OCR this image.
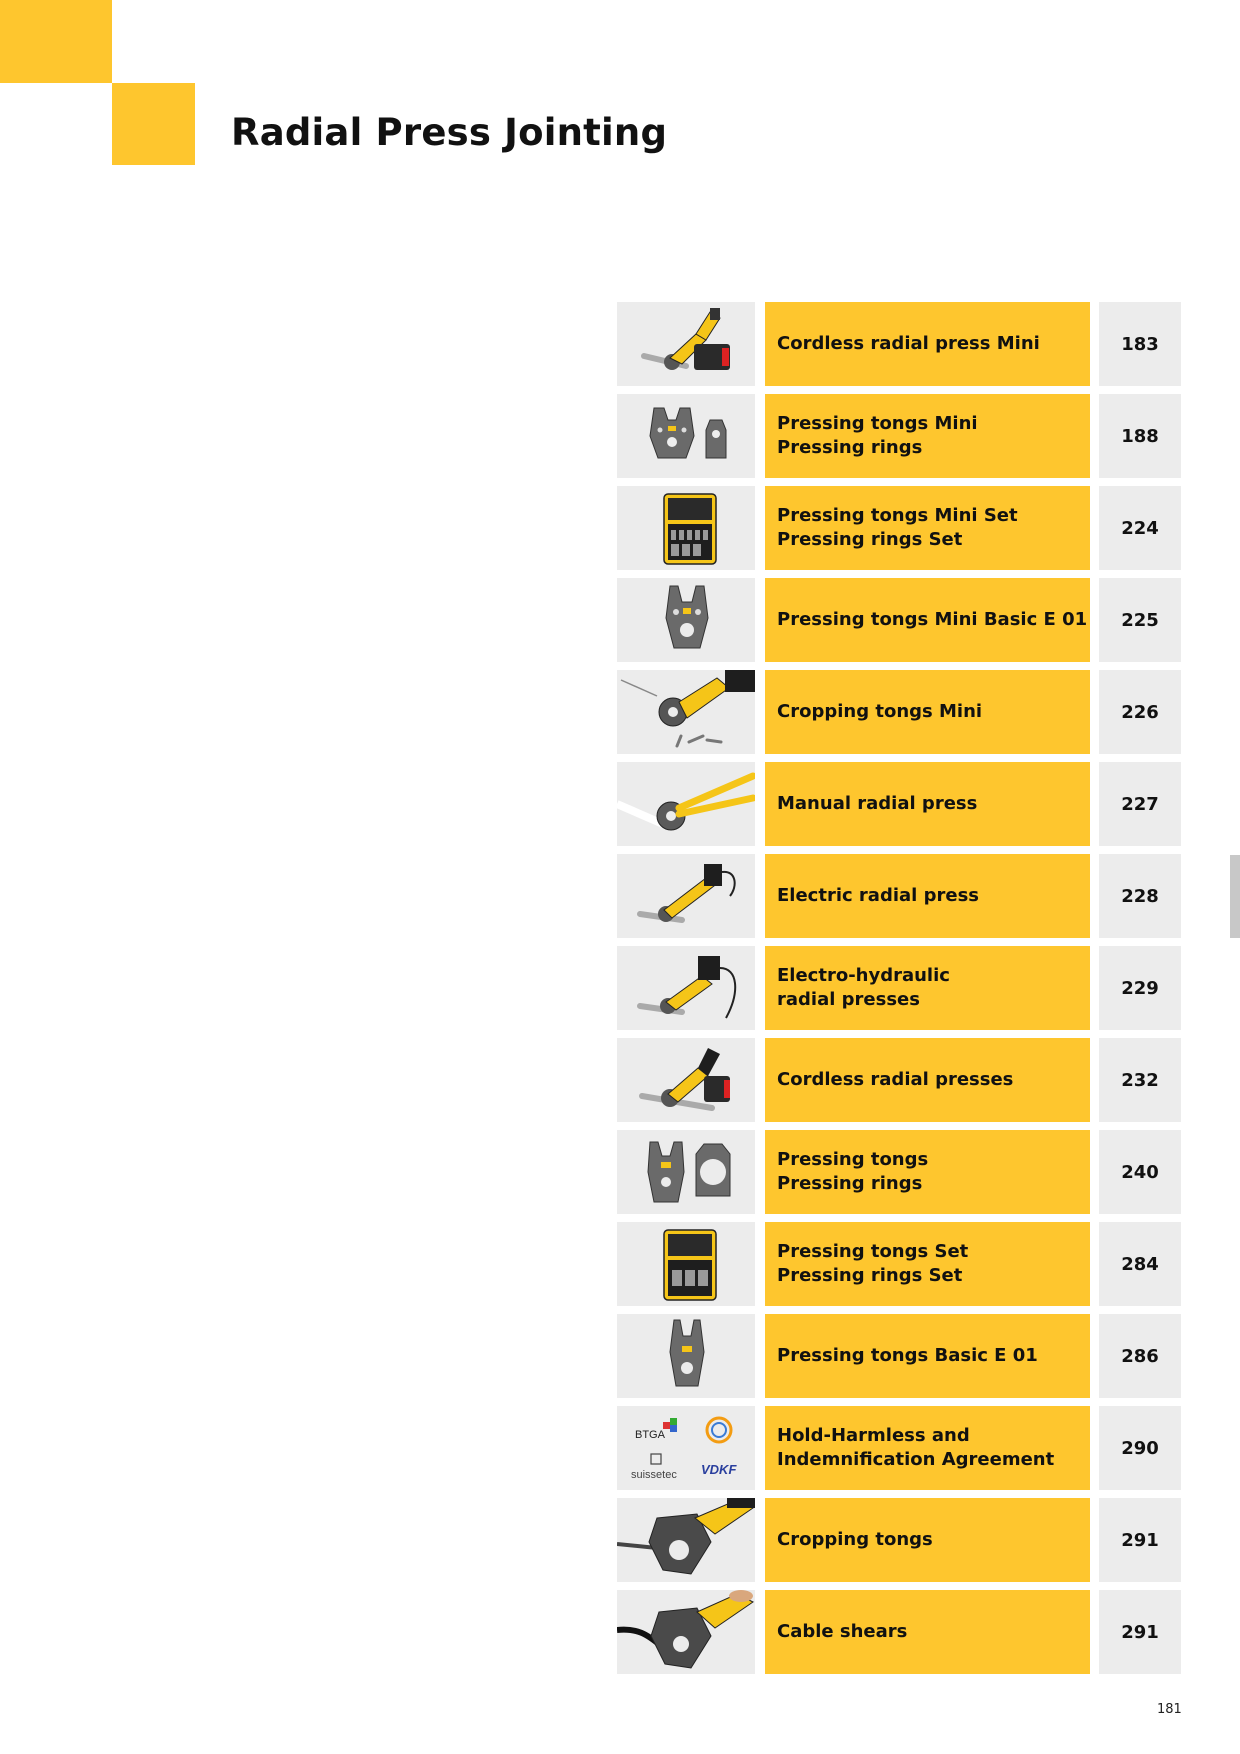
Radial Press Jointing
Cordless radial press Mini	183
Pressing tongs Mini
Pressing rings
188
Pressing tongs Mini Set
Pressing rings Set
224
Pressing tongs Mini Basic E 01	225
Cropping tongs Mini	226
Manual radial press	227
Electric radial press	228
Electro-hydraulic
radial presses
229
Cordless radial presses	232
Pressing tongs
Pressing rings
240
Pressing tongs Set
Pressing rings Set
284
Pressing tongs Basic E 01	286
BTGA
suissetec VDKF
Hold-Harmless and
Indemnification Agreement
290
Cropping tongs	291
Cable shears	291
181
